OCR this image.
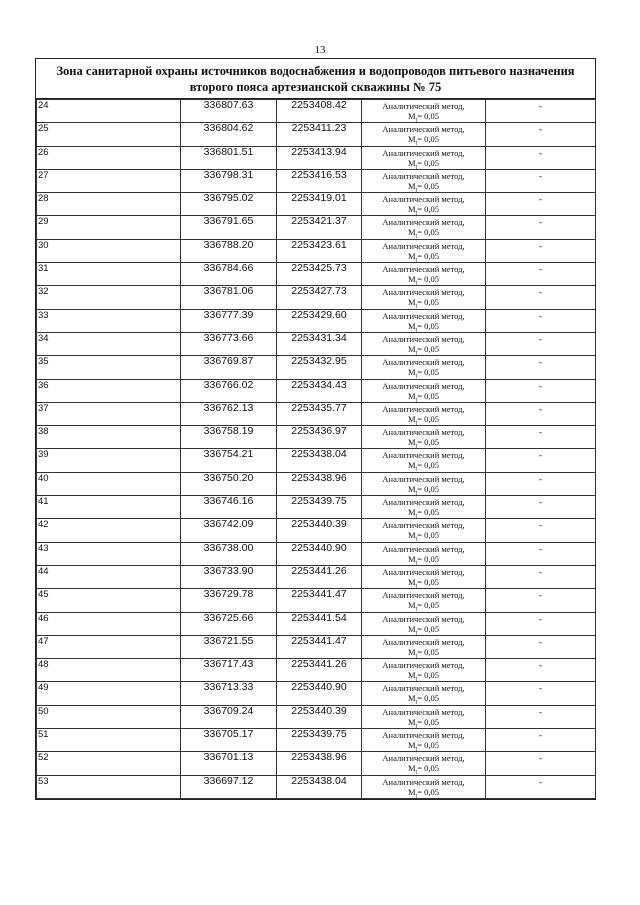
13
Зона санитарной охраны источников водоснабжения и водопроводов питьевого назначения
второго пояса артезианской скважины № 75
24	336807.63	2253408.42	Аналитический метод,
$M_t= 0,05$	-
25	336804.62	2253411.23	Аналитический метод,
$M_t= 0,05$	-
26	336801.51	2253413.94	Аналитический метод,
$M_t= 0,05$	-
27	336798.31	2253416.53	Аналитический метод,
$M_t= 0,05$	-
28	336795.02	2253419.01	Аналитический метод,
$M_t= 0,05$	-
29	336791.65	2253421.37	Аналитический метод,
$M_t= 0,05$	-
30	336788.20	2253423.61	Аналитический метод,
$M_t= 0,05$	-
31	336784.66	2253425.73	Аналитический метод,
$M_t= 0,05$	-
32	336781.06	2253427.73	Аналитический метод,
$M_t= 0,05$	-
33	336777.39	2253429.60	Аналитический метод,
$M_t= 0,05$	-
34	336773.66	2253431.34	Аналитический метод,
$M_t= 0,05$	-
35	336769.87	2253432.95	Аналитический метод,
$M_t= 0,05$	-
36	336766.02	2253434.43	Аналитический метод,
$M_t= 0,05$	-
37	336762.13	2253435.77	Аналитический метод,
$M_t= 0,05$	-
38	336758.19	2253436.97	Аналитический метод,
$M_t= 0,05$	-
39	336754.21	2253438.04	Аналитический метод,
$M_t= 0,05$	-
40	336750.20	2253438.96	Аналитический метод,
$M_t= 0,05$	-
41	336746.16	2253439.75	Аналитический метод,
$M_t= 0,05$	-
42	336742.09	2253440.39	Аналитический метод,
$M_t= 0,05$	-
43	336738.00	2253440.90	Аналитический метод,
$M_t= 0,05$	-
44	336733.90	2253441.26	Аналитический метод,
$M_t= 0,05$	-
45	336729.78	2253441.47	Аналитический метод,
$M_t= 0,05$	-
46	336725.66	2253441.54	Аналитический метод,
$M_t= 0,05$	-
47	336721.55	2253441.47	Аналитический метод,
$M_t= 0,05$	-
48	336717.43	2253441.26	Аналитический метод,
$M_t= 0,05$	-
49	336713.33	2253440.90	Аналитический метод,
$M_t= 0,05$	-
50	336709.24	2253440.39	Аналитический метод,
$M_t= 0,05$	-
51	336705.17	2253439.75	Аналитический метод,
$M_t= 0,05$	-
52	336701.13	2253438.96	Аналитический метод,
$M_t= 0,05$	-
53	336697.12	2253438.04	Аналитический метод,
$M_t= 0,05$	-
